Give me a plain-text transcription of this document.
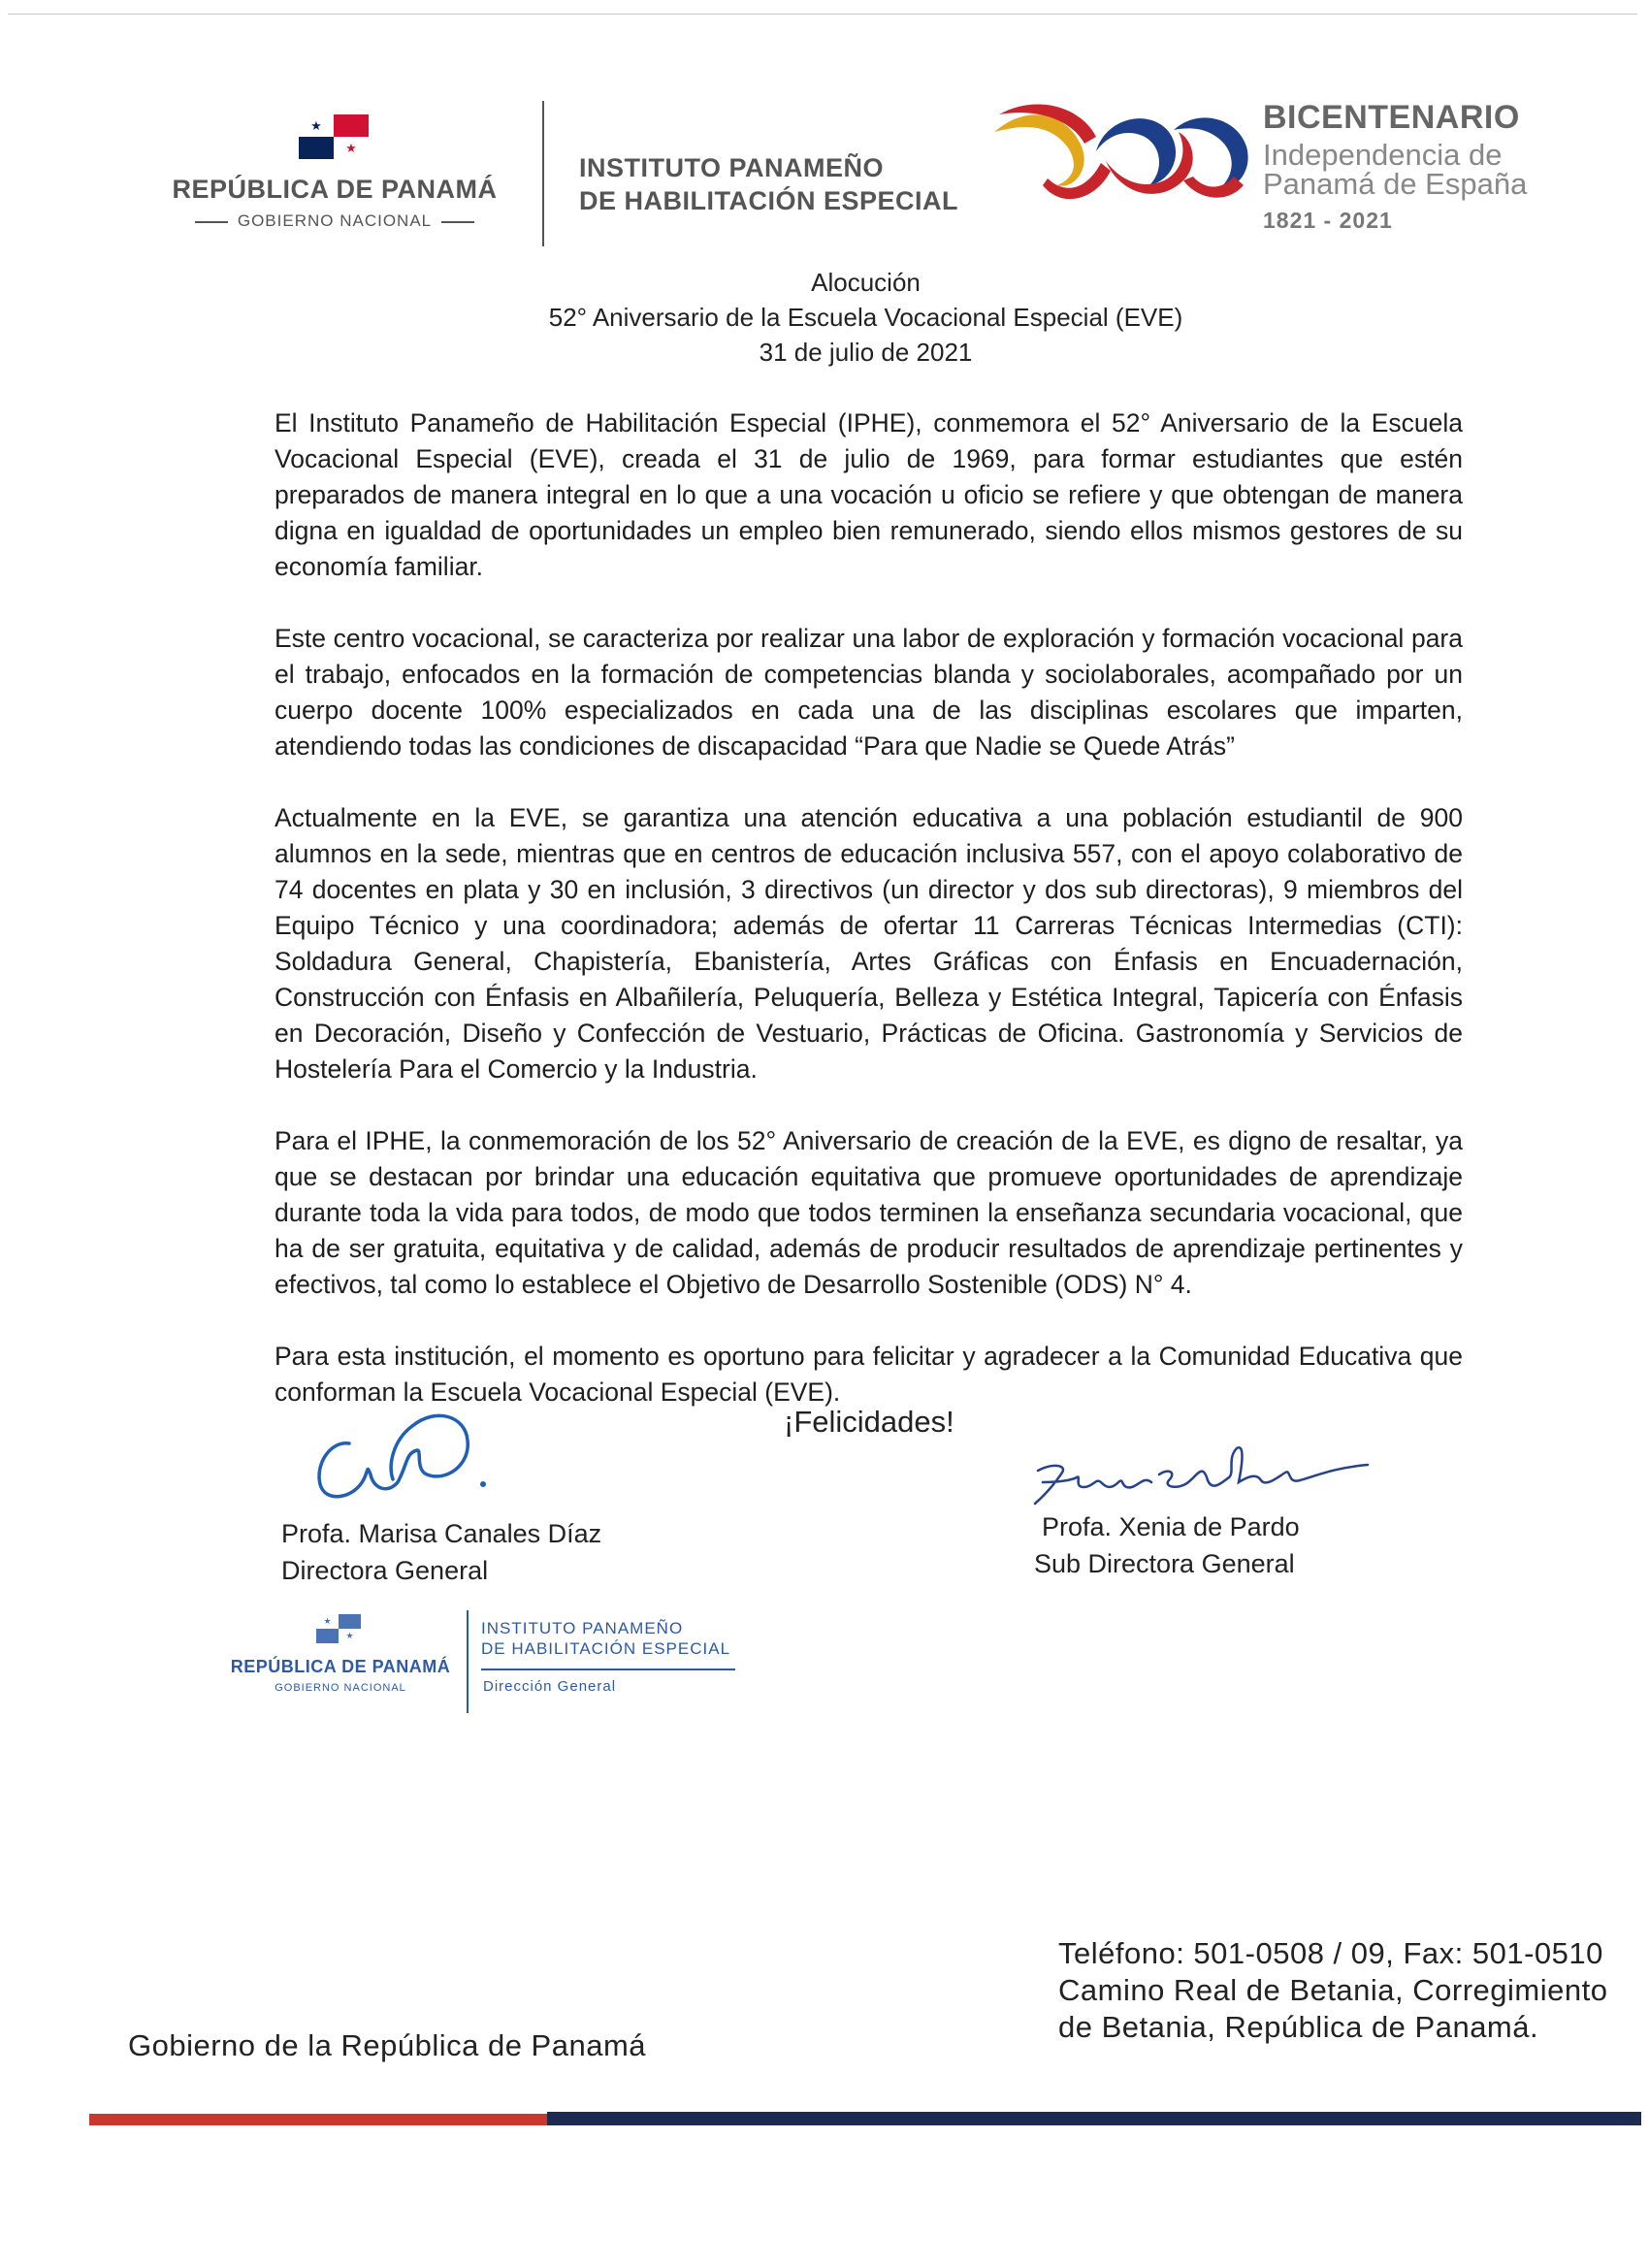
★
★
REPÚBLICA DE PANAMÁ
GOBIERNO NACIONAL
INSTITUTO PANAMEÑO
DE HABILITACIÓN ESPECIAL
BICENTENARIO
Independencia de
Panamá de España
1821 - 2021
Alocución
52° Aniversario de la Escuela Vocacional Especial (EVE)
31 de julio de 2021

El Instituto Panameño de Habilitación Especial (IPHE), conmemora el 52° Aniversario de la Escuela Vocacional Especial (EVE), creada el 31 de julio de 1969, para formar estudiantes que estén preparados de manera integral en lo que a una vocación u oficio se refiere y que obtengan de manera digna en igualdad de oportunidades un empleo bien remunerado, siendo ellos mismos gestores de su economía familiar.

Este centro vocacional, se caracteriza por realizar una labor de exploración y formación vocacional para el trabajo, enfocados en la formación de competencias blanda y sociolaborales, acompañado por un cuerpo docente 100% especializados en cada una de las disciplinas escolares que imparten, atendiendo todas las condiciones de discapacidad “Para que Nadie se Quede Atrás”

Actualmente en la EVE, se garantiza una atención educativa a una población estudiantil de 900 alumnos en la sede, mientras que en centros de educación inclusiva 557, con el apoyo colaborativo de 74 docentes en plata y 30 en inclusión, 3 directivos (un director y dos sub directoras), 9 miembros del Equipo Técnico y una coordinadora; además de ofertar 11 Carreras Técnicas Intermedias (CTI): Soldadura General, Chapistería, Ebanistería, Artes Gráficas con Énfasis en Encuadernación, Construcción con Énfasis en Albañilería, Peluquería, Belleza y Estética Integral, Tapicería con Énfasis en Decoración, Diseño y Confección de Vestuario, Prácticas de Oficina. Gastronomía y Servicios de Hostelería Para el Comercio y la Industria.

Para el IPHE, la conmemoración de los 52° Aniversario de creación de la EVE, es digno de resaltar, ya que se destacan por brindar una educación equitativa que promueve oportunidades de aprendizaje durante toda la vida para todos, de modo que todos terminen la enseñanza secundaria vocacional, que ha de ser gratuita, equitativa y de calidad, además de producir resultados de aprendizaje pertinentes y efectivos, tal como lo establece el Objetivo de Desarrollo Sostenible (ODS) N° 4.

Para esta institución, el momento es oportuno para felicitar y agradecer a la Comunidad Educativa que conforman la Escuela Vocacional Especial (EVE).

¡Felicidades!
Profa. Marisa Canales Díaz
Directora General
Profa. Xenia de Pardo
Sub Directora General
★
★
REPÚBLICA DE PANAMÁ
GOBIERNO NACIONAL
INSTITUTO PANAMEÑO
DE HABILITACIÓN ESPECIAL
Dirección General
Teléfono: 501-0508 / 09, Fax: 501-0510
Camino Real de Betania, Corregimiento
de Betania, República de Panamá.
Gobierno de la República de Panamá
